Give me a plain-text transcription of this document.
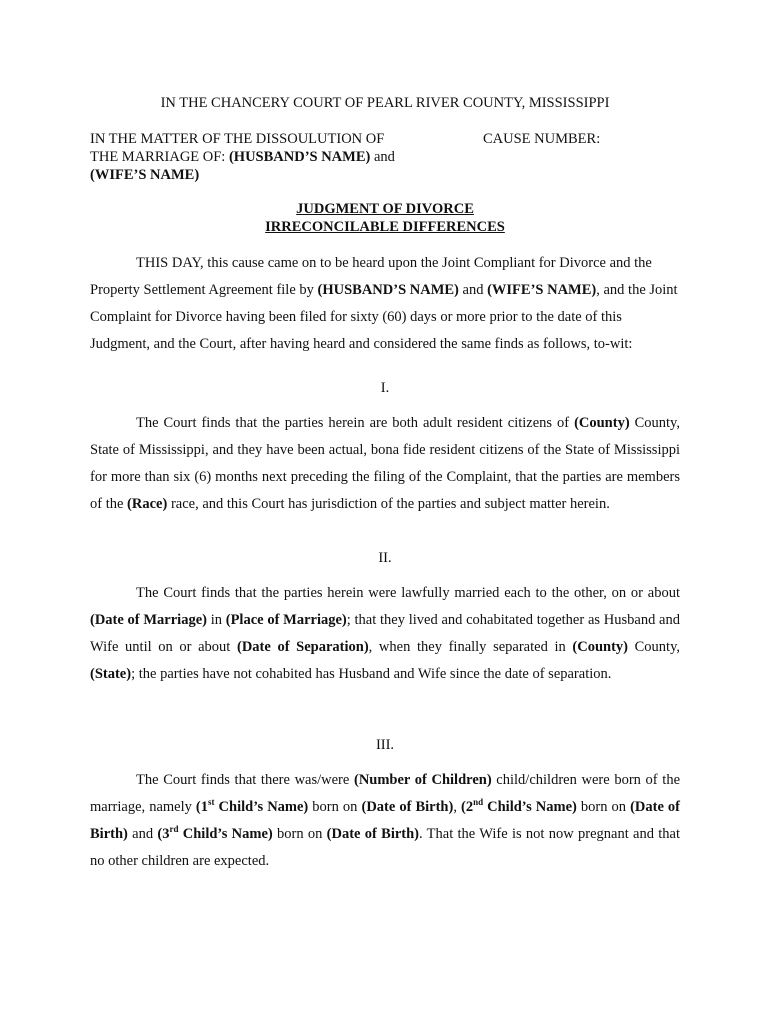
IN THE CHANCERY COURT OF PEARL RIVER COUNTY, MISSISSIPPI
IN THE MATTER OF THE DISSOULUTION OF
THE MARRIAGE OF: (HUSBAND’S NAME) and
(WIFE’S NAME)
CAUSE NUMBER:
JUDGMENT OF DIVORCE
IRRECONCILABLE DIFFERENCES

THIS DAY, this cause came on to be heard upon the Joint Compliant for Divorce and the Property Settlement Agreement file by (HUSBAND’S NAME) and (WIFE’S NAME), and the Joint Complaint for Divorce having been filed for sixty (60) days or more prior to the date of this Judgment, and the Court, after having heard and considered the same finds as follows, to-wit:

I.

The Court finds that the parties herein are both adult resident citizens of (County) County, State of Mississippi, and they have been actual, bona fide resident citizens of the State of Mississippi for more than six (6) months next preceding the filing of the Complaint, that the parties are members of the (Race) race, and this Court has jurisdiction of the parties and subject matter herein.

II.

The Court finds that the parties herein were lawfully married each to the other, on or about (Date of Marriage) in (Place of Marriage); that they lived and cohabitated together as Husband and Wife until on or about (Date of Separation), when they finally separated in (County) County, (State); the parties have not cohabited has Husband and Wife since the date of separation.

III.

The Court finds that there was/were (Number of Children) child/children were born of the marriage, namely (1st Child’s Name) born on (Date of Birth), (2nd Child’s Name) born on (Date of Birth) and (3rd Child’s Name) born on (Date of Birth). That the Wife is not now pregnant and that no other children are expected.
